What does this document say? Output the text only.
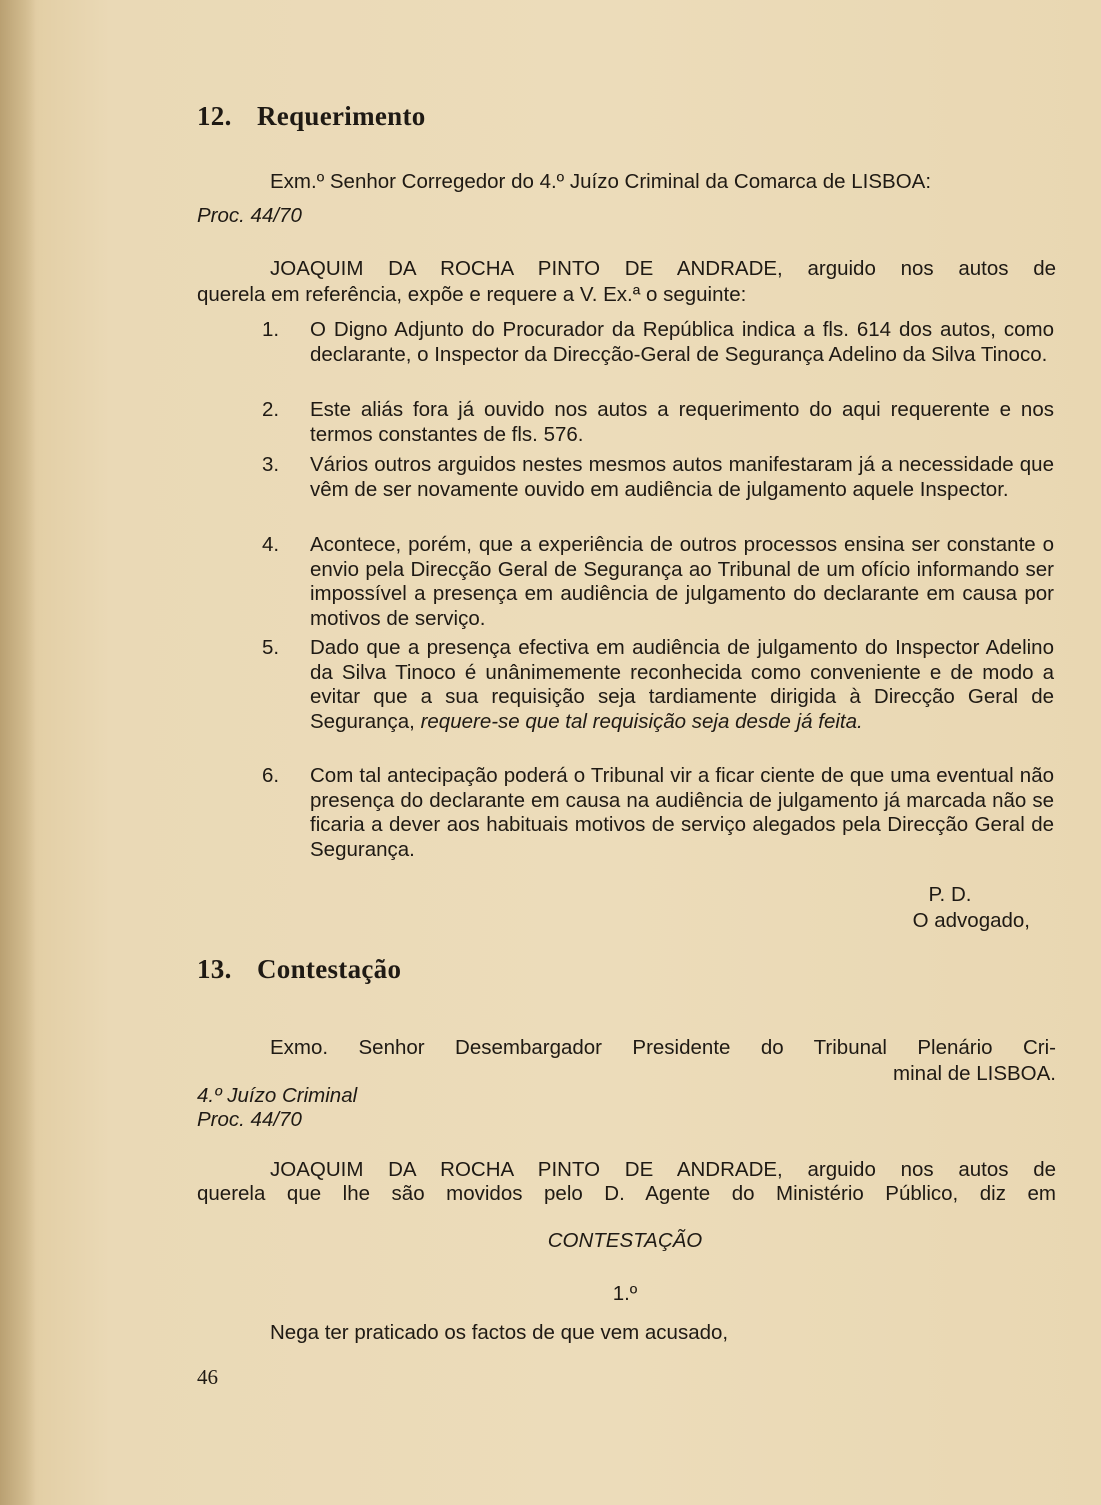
12. Requerimento
Exm.º Senhor Corregedor do 4.º Juízo Criminal da Comarca de LISBOA:
Proc. 44/70
JOAQUIM DA ROCHA PINTO DE ANDRADE, arguido nos autos de
querela em referência, expõe e requere a V. Ex.ª o seguinte:
1.	O Digno Adjunto do Procurador da República indica a fls. 614 dos autos, como declarante, o Inspector da Direcção-Geral de Segurança Adelino da Silva Tinoco.
2.	Este aliás fora já ouvido nos autos a requerimento do aqui requerente e nos termos constantes de fls. 576.
3.	Vários outros arguidos nestes mesmos autos manifestaram já a necessidade que vêm de ser novamente ouvido em audiência de julgamento aquele Inspector.
4.	Acontece, porém, que a experiência de outros processos ensina ser constante o envio pela Direcção Geral de Segurança ao Tribunal de um ofício informando ser impossível a presença em audiência de julgamento do declarante em causa por motivos de serviço.
5.	Dado que a presença efectiva em audiência de julgamento do Inspector Adelino da Silva Tinoco é unânimemente reconhecida como conveniente e de modo a evitar que a sua requisição seja tardiamente dirigida à Direcção Geral de Segurança, requere-se que tal requisição seja desde já feita.
6.	Com tal antecipação poderá o Tribunal vir a ficar ciente de que uma eventual não presença do declarante em causa na audiência de julgamento já marcada não se ficaria a dever aos habituais motivos de serviço alegados pela Direcção Geral de Segurança.
P. D.
O advogado,
13. Contestação
Exmo. Senhor Desembargador Presidente do Tribunal Plenário Cri-
minal de LISBOA.
4.º Juízo Criminal
Proc. 44/70
JOAQUIM DA ROCHA PINTO DE ANDRADE, arguido nos autos de
querela que lhe são movidos pelo D. Agente do Ministério Público, diz em
CONTESTAÇÃO
1.º
Nega ter praticado os factos de que vem acusado,
46
